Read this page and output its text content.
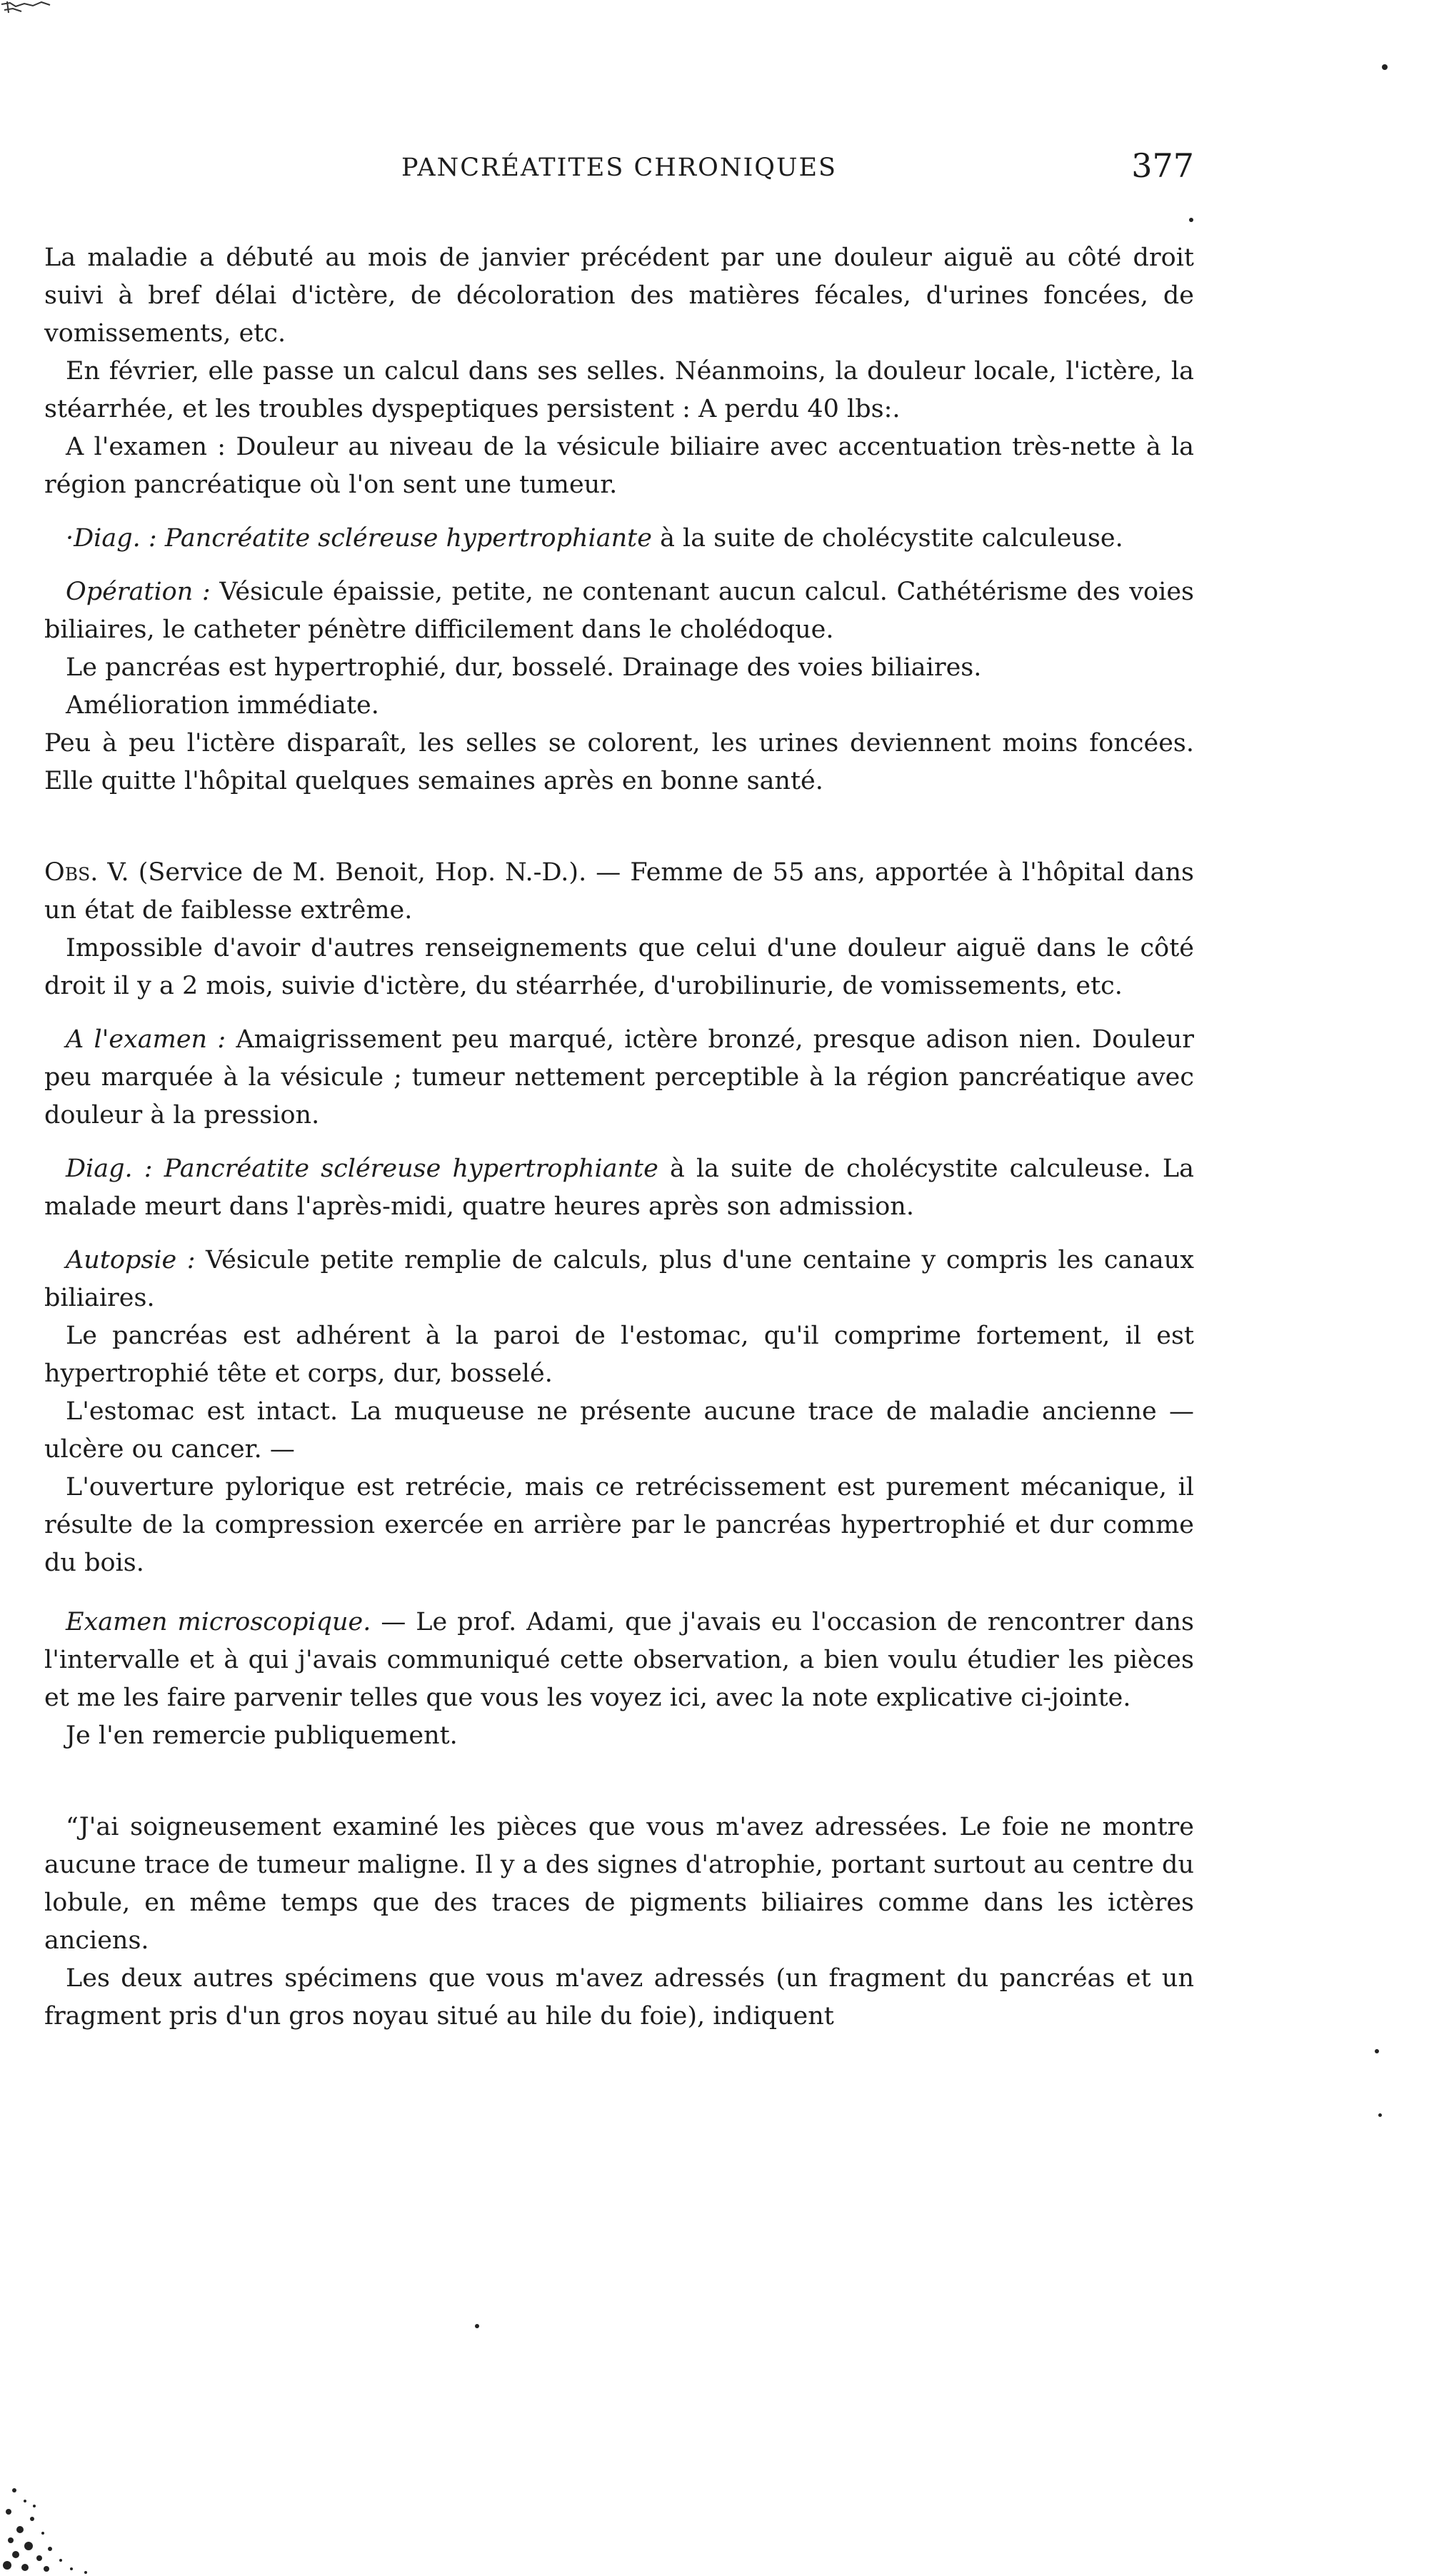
PANCRÉATITES CHRONIQUES	377

La maladie a débuté au mois de janvier précédent par une douleur aiguë au côté droit suivi à bref délai d'ictère, de décoloration des matières fécales, d'urines foncées, de vomissements, etc.

En février, elle passe un calcul dans ses selles. Néanmoins, la douleur locale, l'ictère, la stéarrhée, et les troubles dyspeptiques persistent : A perdu 40 lbs:.

A l'examen : Douleur au niveau de la vésicule biliaire avec accentuation très-nette à la région pancréatique où l'on sent une tumeur.

·Diag. : Pancréatite scléreuse hypertrophiante à la suite de cholécystite calculeuse.

Opération : Vésicule épaissie, petite, ne contenant aucun calcul. Cathétérisme des voies biliaires, le catheter pénètre difficilement dans le cholédoque.

Le pancréas est hypertrophié, dur, bosselé. Drainage des voies biliaires.

Amélioration immédiate.

Peu à peu l'ictère disparaît, les selles se colorent, les urines deviennent moins foncées. Elle quitte l'hôpital quelques semaines après en bonne santé.

Obs. V. (Service de M. Benoit, Hop. N.-D.). — Femme de 55 ans, apportée à l'hôpital dans un état de faiblesse extrême.

Impossible d'avoir d'autres renseignements que celui d'une douleur aiguë dans le côté droit il y a 2 mois, suivie d'ictère, du stéarrhée, d'urobilinurie, de vomissements, etc.

A l'examen : Amaigrissement peu marqué, ictère bronzé, presque adison nien. Douleur peu marquée à la vésicule ; tumeur nettement perceptible à la région pancréatique avec douleur à la pression.

Diag. : Pancréatite scléreuse hypertrophiante à la suite de cholécystite calculeuse. La malade meurt dans l'après-midi, quatre heures après son admission.

Autopsie : Vésicule petite remplie de calculs, plus d'une centaine y compris les canaux biliaires.

Le pancréas est adhérent à la paroi de l'estomac, qu'il comprime fortement, il est hypertrophié tête et corps, dur, bosselé.

L'estomac est intact. La muqueuse ne présente aucune trace de maladie ancienne — ulcère ou cancer. —

L'ouverture pylorique est retrécie, mais ce retrécissement est purement mécanique, il résulte de la compression exercée en arrière par le pancréas hypertrophié et dur comme du bois.

Examen microscopique. — Le prof. Adami, que j'avais eu l'occasion de rencontrer dans l'intervalle et à qui j'avais communiqué cette observation, a bien voulu étudier les pièces et me les faire parvenir telles que vous les voyez ici, avec la note explicative ci-jointe.

Je l'en remercie publiquement.

“J'ai soigneusement examiné les pièces que vous m'avez adressées. Le foie ne montre aucune trace de tumeur maligne. Il y a des signes d'atrophie, portant surtout au centre du lobule, en même temps que des traces de pigments biliaires comme dans les ictères anciens.

Les deux autres spécimens que vous m'avez adressés (un fragment du pancréas et un fragment pris d'un gros noyau situé au hile du foie), indiquent
